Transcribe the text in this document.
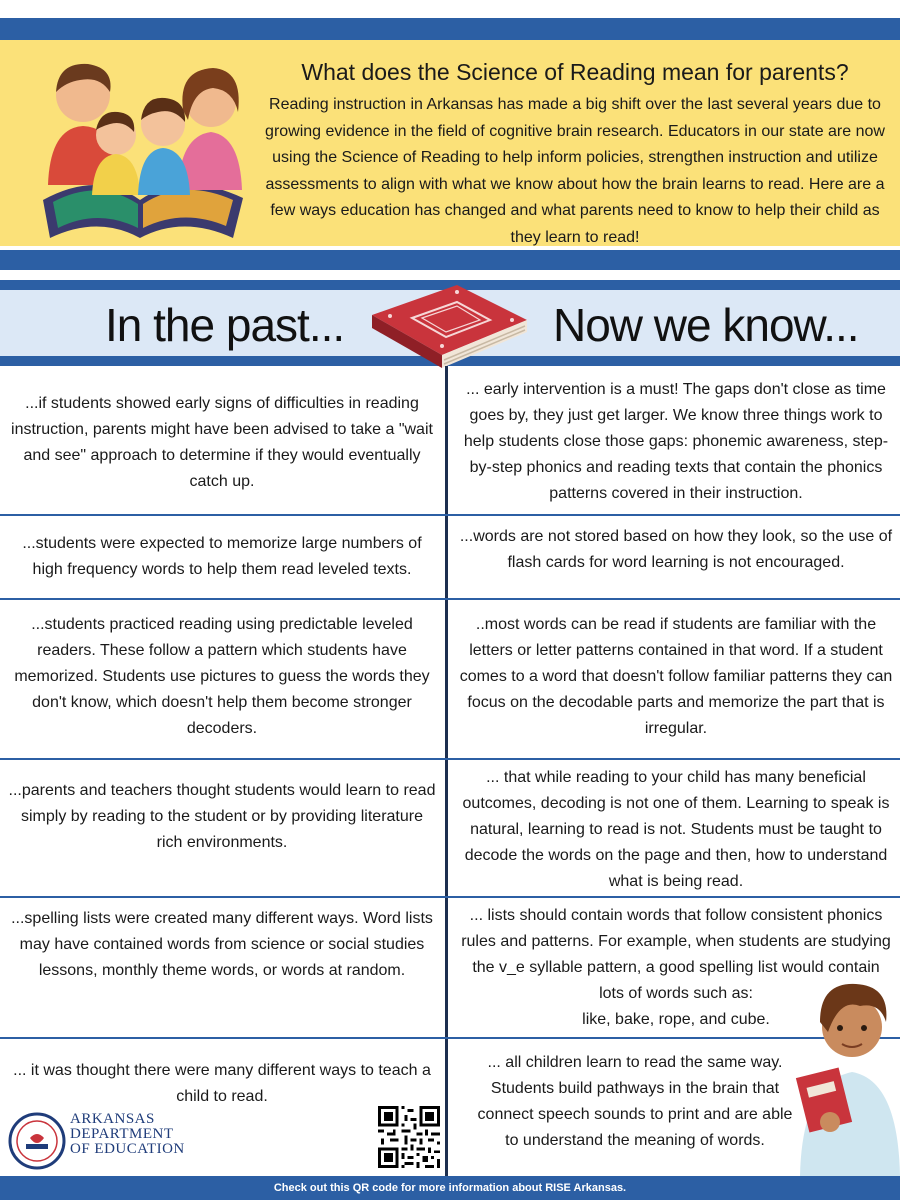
What does the Science of Reading mean for parents?
Reading instruction in Arkansas has made a big shift over the last several years due to growing evidence in the field of cognitive brain research. Educators in our state are now using the Science of Reading to help inform policies, strengthen instruction and utilize assessments to align with what we know about how the brain learns to read. Here are a few ways education has changed and what parents need to know to help their child as they learn to read!
In the past...	Now we know...
...if students showed early signs of difficulties in reading instruction, parents might have been advised to take a "wait and see" approach to determine if they would eventually catch up.
... early intervention is a must! The gaps don't close as time goes by, they just get larger. We know three things work to help students close those gaps: phonemic awareness, step-by-step phonics and reading texts that contain the phonics patterns covered in their instruction.
...students were expected to memorize large numbers of high frequency words to help them read leveled texts.
...words are not stored based on how they look, so the use of flash cards for word learning is not encouraged.
...students practiced reading using predictable leveled readers. These follow a pattern which students have memorized. Students use pictures to guess the words they don't know, which doesn't help them become stronger decoders.
..most words can be read if students are familiar with the letters or letter patterns contained in that word. If a student comes to a word that doesn't follow familiar patterns they can focus on the decodable parts and memorize the part that is irregular.
...parents and teachers thought students would learn to read simply by reading to the student or by providing literature rich environments.
... that while reading to your child has many beneficial outcomes, decoding is not one of them. Learning to speak is natural, learning to read is not. Students must be taught to decode the words on the page and then, how to understand what is being read.
...spelling lists were created many different ways. Word lists may have contained words from science or social studies lessons, monthly theme words, or words at random.
... lists should contain words that follow consistent phonics rules and patterns. For example, when students are studying the v_e syllable pattern, a good spelling list would contain lots of words such as:
like, bake, rope, and cube.
... it was thought there were many different ways to teach a child to read.
... all children learn to read the same way. Students build pathways in the brain that connect speech sounds to print and are able to understand the meaning of words.
ARKANSAS
DEPARTMENT
OF EDUCATION
Check out this QR code for more information about RISE Arkansas.
